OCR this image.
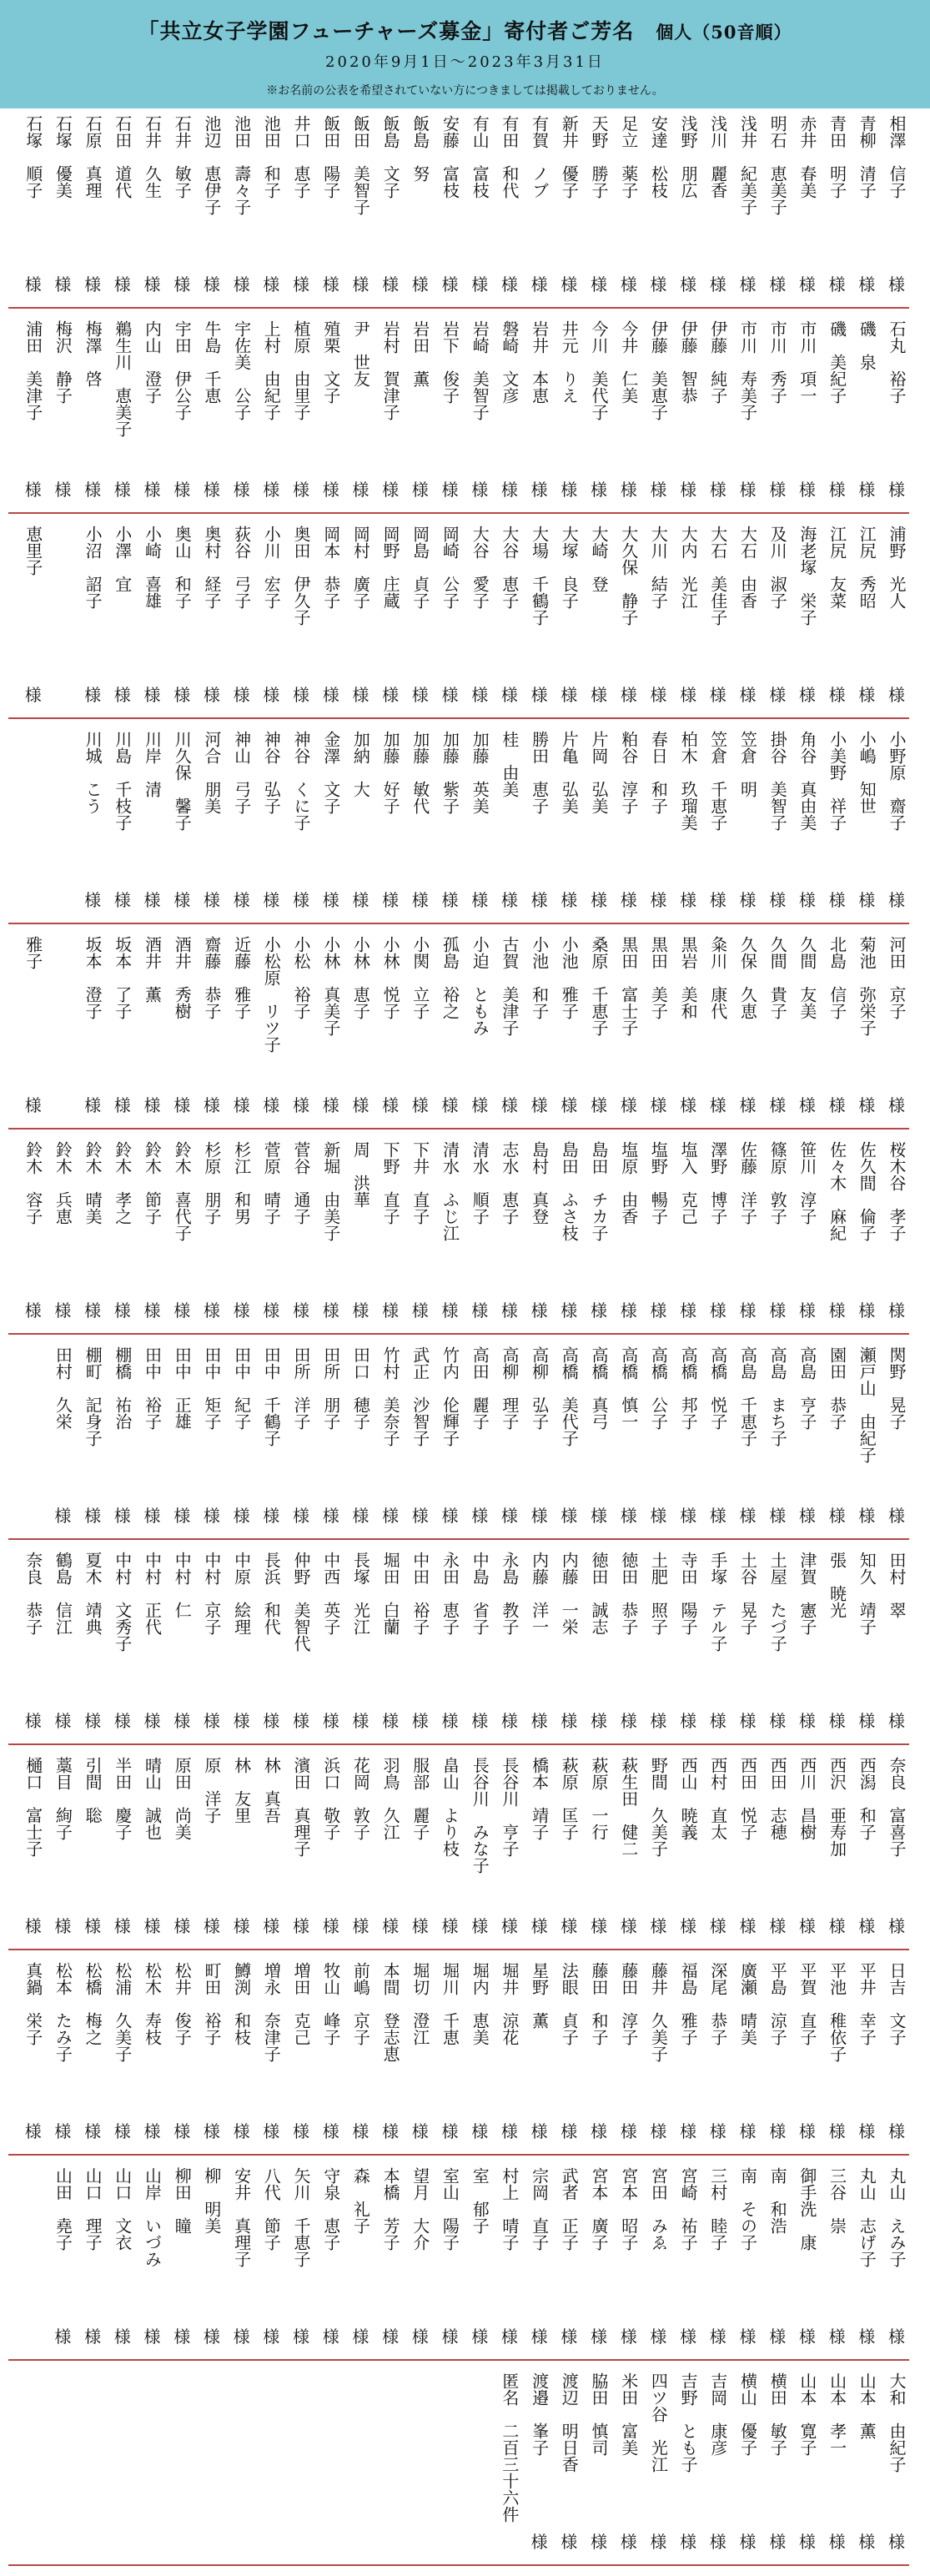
「共立女子学園フューチャーズ募金」寄付者ご芳名 個人（50音順）
2020年9月1日〜2023年3月31日
※お名前の公表を希望されていない方につきましては掲載しておりません。
相澤　信子
様
青柳　清子
様
青田　明子
様
赤井　春美
様
明石　恵美子
様
浅井　紀美子
様
浅川　麗香
様
浅野　朋広
様
安達　松枝
様
足立　薬子
様
天野　勝子
様
新井　優子
様
有賀　ノブ
様
有田　和代
様
有山　富枝
様
安藤　富枝
様
飯島　努
様
飯島　文子
様
飯田　美智子
様
飯田　陽子
様
井口　恵子
様
池田　和子
様
池田　壽々子
様
池辺　恵伊子
様
石井　敏子
様
石井　久生
様
石田　道代
様
石原　真理
様
石塚　優美
様
石塚　順子
様
石丸　裕子
様
磯　泉
様
磯　美紀子
様
市川　項一
様
市川　秀子
様
市川　寿美子
様
伊藤　純子
様
伊藤　智恭
様
伊藤　美恵子
様
今井　仁美
様
今川　美代子
様
井元　りえ
様
岩井　本恵
様
磐崎　文彦
様
岩崎　美智子
様
岩下　俊子
様
岩田　薫
様
岩村　賀津子
様
尹　世友
様
殖栗　文子
様
植原　由里子
様
上村　由紀子
様
宇佐美　公子
様
牛島　千恵
様
宇田　伊公子
様
内山　澄子
様
鵜生川　恵美子
様
梅澤　啓
様
梅沢　静子
様
浦田　美津子
様
浦野　光人
様
江尻　秀昭
様
江尻　友菜
様
海老塚　栄子
様
及川　淑子
様
大石　由香
様
大石　美佳子
様
大内　光江
様
大川　結子
様
大久保　静子
様
大崎　登
様
大塚　良子
様
大場　千鶴子
様
大谷　恵子
様
大谷　愛子
様
岡崎　公子
様
岡島　貞子
様
岡野　庄蔵
様
岡村　廣子
様
岡本　恭子
様
奥田　伊久子
様
小川　宏子
様
荻谷　弓子
様
奥村　経子
様
奥山　和子
様
小崎　喜雄
様
小澤　宜
様
小沼　詔子
様
恵里子
様
小野原　齋子
様
小嶋　知世
様
小美野　祥子
様
角谷　真由美
様
掛谷　美智子
様
笠倉　明
様
笠倉　千恵子
様
柏木　玖瑠美
様
春日　和子
様
粕谷　淳子
様
片岡　弘美
様
片亀　弘美
様
勝田　恵子
様
桂　由美
様
加藤　英美
様
加藤　紫子
様
加藤　敏代
様
加藤　好子
様
加納　大
様
金澤　文子
様
神谷　くに子
様
神谷　弘子
様
神山　弓子
様
河合　朋美
様
川久保　馨子
様
川岸　清
様
川島　千枝子
様
川城　こう
様
河田　京子
様
菊池　弥栄子
様
北島　信子
様
久間　友美
様
久間　貴子
様
久保　久恵
様
粂川　康代
様
黒岩　美和
様
黒田　美子
様
黒田　富士子
様
桑原　千恵子
様
小池　雅子
様
小池　和子
様
古賀　美津子
様
小迫　ともみ
様
孤島　裕之
様
小関　立子
様
小林　悦子
様
小林　恵子
様
小林　真美子
様
小松　裕子
様
小松原　リツ子
様
近藤　雅子
様
齋藤　恭子
様
酒井　秀樹
様
酒井　薫
様
坂本　了子
様
坂本　澄子
様
雅子
様
桜木谷　孝子
様
佐久間　倫子
様
佐々木　麻紀
様
笹川　淳子
様
篠原　敦子
様
佐藤　洋子
様
澤野　博子
様
塩入　克己
様
塩野　暢子
様
塩原　由香
様
島田　チカ子
様
島田　ふさ枝
様
島村　真登
様
志水　恵子
様
清水　順子
様
清水　ふじ江
様
下井　直子
様
下野　直子
様
周　洪華
様
新堀　由美子
様
菅谷　通子
様
菅原　晴子
様
杉江　和男
様
杉原　朋子
様
鈴木　喜代子
様
鈴木　節子
様
鈴木　孝之
様
鈴木　晴美
様
鈴木　兵恵
様
鈴木　容子
様
関野　晃子
様
瀬戸山　由紀子
様
園田　恭子
様
高島　亨子
様
高島　まち子
様
高島　千恵子
様
高橋　悦子
様
高橋　邦子
様
高橋　公子
様
高橋　慎一
様
高橋　真弓
様
高橋　美代子
様
高柳　弘子
様
高柳　理子
様
高田　麗子
様
竹内　伦輝子
様
武正　沙智子
様
竹村　美奈子
様
田口　穂子
様
田所　朋子
様
田所　洋子
様
田中　千鶴子
様
田中　紀子
様
田中　矩子
様
田中　正雄
様
田中　裕子
様
棚橋　祐治
様
棚町　記身子
様
田村　久栄
様
田村　翠
様
知久　靖子
様
張　暁光
様
津賀　憲子
様
土屋　たづ子
様
土谷　晃子
様
手塚　テル子
様
寺田　陽子
様
土肥　照子
様
徳田　恭子
様
徳田　誠志
様
内藤　一栄
様
内藤　洋一
様
永島　教子
様
中島　省子
様
永田　恵子
様
中田　裕子
様
堀田　白蘭
様
長塚　光江
様
中西　英子
様
仲野　美智代
様
長浜　和代
様
中原　絵理
様
中村　京子
様
中村　仁
様
中村　正代
様
中村　文秀子
様
夏木　靖典
様
鶴島　信江
様
奈良　恭子
様
奈良　富喜子
様
西潟　和子
様
西沢　亜寿加
様
西川　昌樹
様
西田　志穂
様
西田　悦子
様
西村　直太
様
西山　暁義
様
野間　久美子
様
萩生田　健二
様
萩原　一行
様
萩原　匡子
様
橋本　靖子
様
長谷川　亨子
様
長谷川　みな子
様
畠山　より枝
様
服部　麗子
様
羽鳥　久江
様
花岡　敦子
様
浜口　敬子
様
濱田　真理子
様
林　真吾
様
林　友里
様
原　洋子
様
原田　尚美
様
晴山　誠也
様
半田　慶子
様
引間　聡
様
藁目　絢子
様
樋口　富士子
様
日吉　文子
様
平井　幸子
様
平池　稚依子
様
平賀　直子
様
平島　涼子
様
廣瀬　晴美
様
深尾　恭子
様
福島　雅子
様
藤井　久美子
様
藤田　淳子
様
藤田　和子
様
法眼　貞子
様
星野　薫
様
堀井　涼花
様
堀内　恵美
様
堀川　千恵
様
堀切　澄江
様
本間　登志恵
様
前嶋　京子
様
牧山　峰子
様
増田　克己
様
増永　奈津子
様
鱒渕　和枝
様
町田　裕子
様
松井　俊子
様
松木　寿枝
様
松浦　久美子
様
松橋　梅之
様
松本　たみ子
様
真鍋　栄子
様
丸山　えみ子
様
丸山　志げ子
様
三谷　崇
様
御手洗　康
様
南　和浩
様
南　その子
様
三村　睦子
様
宮崎　祐子
様
宮田　みゑ
様
宮本　昭子
様
宮本　廣子
様
武者　正子
様
宗岡　直子
様
村上　晴子
様
室　郁子
様
室山　陽子
様
望月　大介
様
本橋　芳子
様
森　礼子
様
守泉　恵子
様
矢川　千恵子
様
八代　節子
様
安井　真理子
様
柳　明美
様
柳田　瞳
様
山岸　いづみ
様
山口　文衣
様
山口　理子
様
山田　堯子
様
大和　由紀子
様
山本　薫
様
山本　孝一
様
山本　寛子
様
横田　敏子
様
横山　優子
様
吉岡　康彦
様
吉野　とも子
様
四ツ谷　光江
様
米田　富美
様
脇田　慎司
様
渡辺　明日香
様
渡邉　峯子
様
匿名　二百三十六件
